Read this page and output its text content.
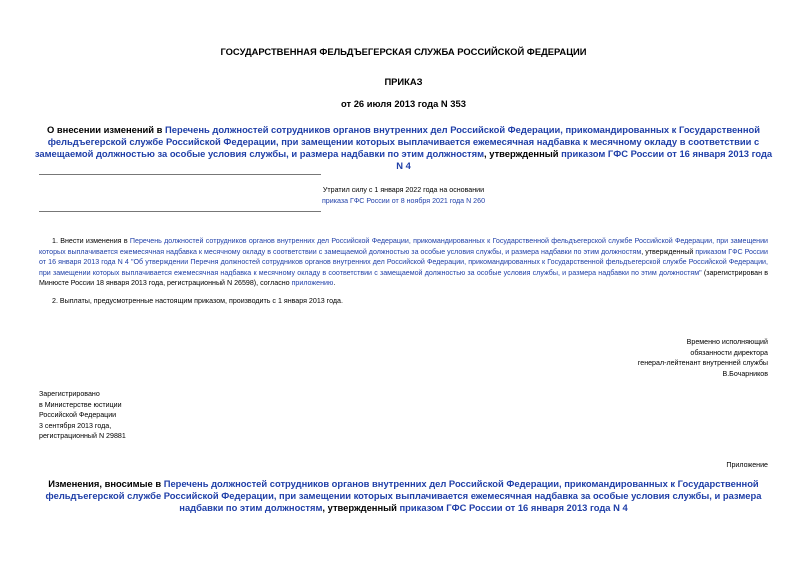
ГОСУДАРСТВЕННАЯ ФЕЛЬДЪЕГЕРСКАЯ СЛУЖБА РОССИЙСКОЙ ФЕДЕРАЦИИ
ПРИКАЗ
от 26 июля 2013 года N 353
О внесении изменений в Перечень должностей сотрудников органов внутренних дел Российской Федерации, прикомандированных к Государственной фельдъегерской службе Российской Федерации, при замещении которых выплачивается ежемесячная надбавка к месячному окладу в соответствии с замещаемой должностью за особые условия службы, и размера надбавки по этим должностям, утвержденный приказом ГФС России от 16 января 2013 года N 4
Утратил силу с 1 января 2022 года на основании
приказа ГФС России от 8 ноября 2021 года N 260
1. Внести изменения в Перечень должностей сотрудников органов внутренних дел Российской Федерации, прикомандированных к Государственной фельдъегерской службе Российской Федерации, при замещении которых выплачивается ежемесячная надбавка к месячному окладу в соответствии с замещаемой должностью за особые условия службы, и размера надбавки по этим должностям, утвержденный приказом ГФС России от 16 января 2013 года N 4 "Об утверждении Перечня должностей сотрудников органов внутренних дел Российской Федерации, прикомандированных к Государственной фельдъегерской службе Российской Федерации, при замещении которых выплачивается ежемесячная надбавка к месячному окладу в соответствии с замещаемой должностью за особые условия службы, и размера надбавки по этим должностям" (зарегистрирован в Минюсте России 18 января 2013 года, регистрационный N 26598), согласно приложению.
2. Выплаты, предусмотренные настоящим приказом, производить с 1 января 2013 года.
Временно исполняющий
обязанности директора
генерал-лейтенант внутренней службы
В.Бочарников
Зарегистрировано
в Министерстве юстиции
Российской Федерации
3 сентября 2013 года,
регистрационный N 29881
Приложение
Изменения, вносимые в Перечень должностей сотрудников органов внутренних дел Российской Федерации, прикомандированных к Государственной фельдъегерской службе Российской Федерации, при замещении которых выплачивается ежемесячная надбавка за особые условия службы, и размера надбавки по этим должностям, утвержденный приказом ГФС России от 16 января 2013 года N 4
